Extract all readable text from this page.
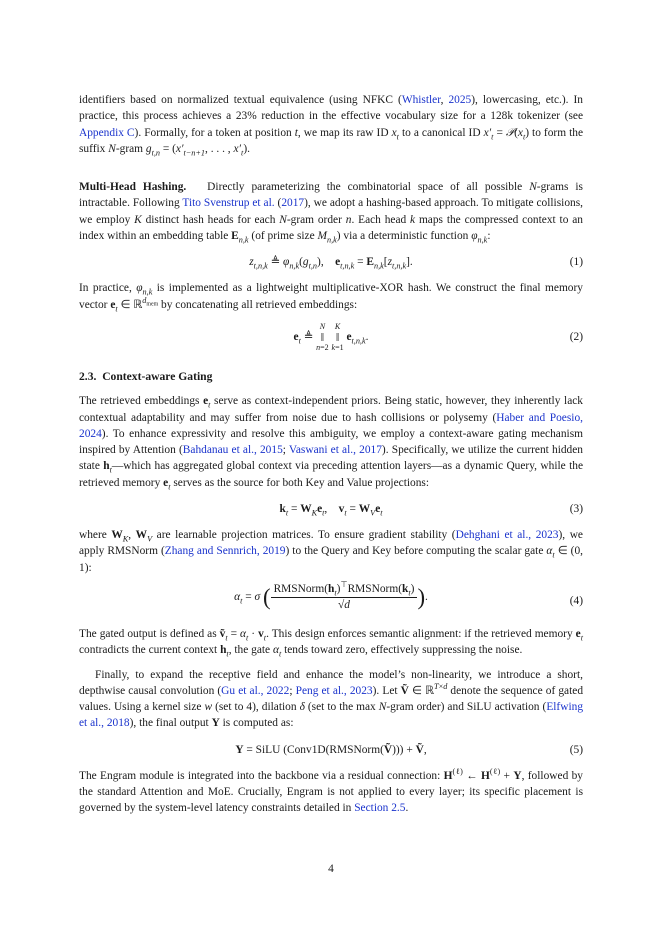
identifiers based on normalized textual equivalence (using NFKC (Whistler, 2025), lowercasing, etc.). In practice, this process achieves a 23% reduction in the effective vocabulary size for a 128k tokenizer (see Appendix C). Formally, for a token at position t, we map its raw ID $x_t$ to a canonical ID $x'_t$ = $𝒫(x_t)$ to form the suffix N-gram $g_{t,n} = (x'_{t-n+1}$, . . . , $x'_t$).

Multi-Head Hashing. Directly parameterizing the combinatorial space of all possible N-grams is intractable. Following Tito Svenstrup et al. (2017), we adopt a hashing-based approach. To mitigate collisions, we employ K distinct hash heads for each N-gram order n. Each head k maps the compressed context to an index within an embedding table $E_{n,k}$ (of prime size $M_{n,k}$) via a deterministic function $\varphi_{n,k}$:

$z_{t,n,k}$ ≜ $\varphi_{n,k}(g_{t,n})$,    $e_{t,n,k} = E_{n,k}[z_{t,n,k}]$.	(1)

In practice, $\varphi_{n,k}$ is implemented as a lightweight multiplicative-XOR hash. We construct the final memory vector $e_t$ ∈ ℝ$^{d_{mem}}$ by concatenating all retrieved embeddings:

$e_t$ ≜ N
‖
n=2 K
‖
k=1 $e_{t,n,k}$.	(2)

2.3. Context-aware Gating

The retrieved embeddings $e_t$ serve as context-independent priors. Being static, however, they inherently lack contextual adaptability and may suffer from noise due to hash collisions or polysemy (Haber and Poesio, 2024). To enhance expressivity and resolve this ambiguity, we employ a context-aware gating mechanism inspired by Attention (Bahdanau et al., 2015; Vaswani et al., 2017). Specifically, we utilize the current hidden state $h_t—which$ has aggregated global context via preceding attention layers—as a dynamic Query, while the retrieved memory $e_t$ serves as the source for both Key and Value projections:

$k_t = W_Ke_t$,    $v_t = W_Ve_t$	(3)

where $W_K$, $W_V$ are learnable projection matrices. To ensure gradient stability (Dehghani et al., 2023), we apply RMSNorm (Zhang and Sennrich, 2019) to the Query and Key before computing the scalar gate $\alpha_t$ ∈ (0, 1):

$\alpha_t = \sigma$ ( $RMSNorm(h_t)^⊤RMSNorm(k_t)$
√d	).	(4)

The gated output is defined as ṽ$_t$ = $\alpha_t \cdot v_t$. This design enforces semantic alignment: if the retrieved memory $e_t$ contradicts the current context $h_t$, the gate $\alpha_t$ tends toward zero, effectively suppressing the noise.

Finally, to expand the receptive field and enhance the model’s non-linearity, we introduce a short, depthwise causal convolution (Gu et al., 2022; Peng et al., 2023). Let Ṽ ∈ ℝ$^{T\times d}$ denote the sequence of gated values. Using a kernel size w (set to 4), dilation δ (set to the max N-gram order) and SiLU activation (Elfwing et al., 2018), the final output Y is computed as:

Y = SiLU (Conv1D(RMSNorm(Ṽ))) + Ṽ,	(5)

The Engram module is integrated into the backbone via a residual connection: $H^{(\ell)}$ ← $H^{(\ell)} + Y$, followed by the standard Attention and MoE. Crucially, Engram is not applied to every layer; its specific placement is governed by the system-level latency constraints detailed in Section 2.5.

4
